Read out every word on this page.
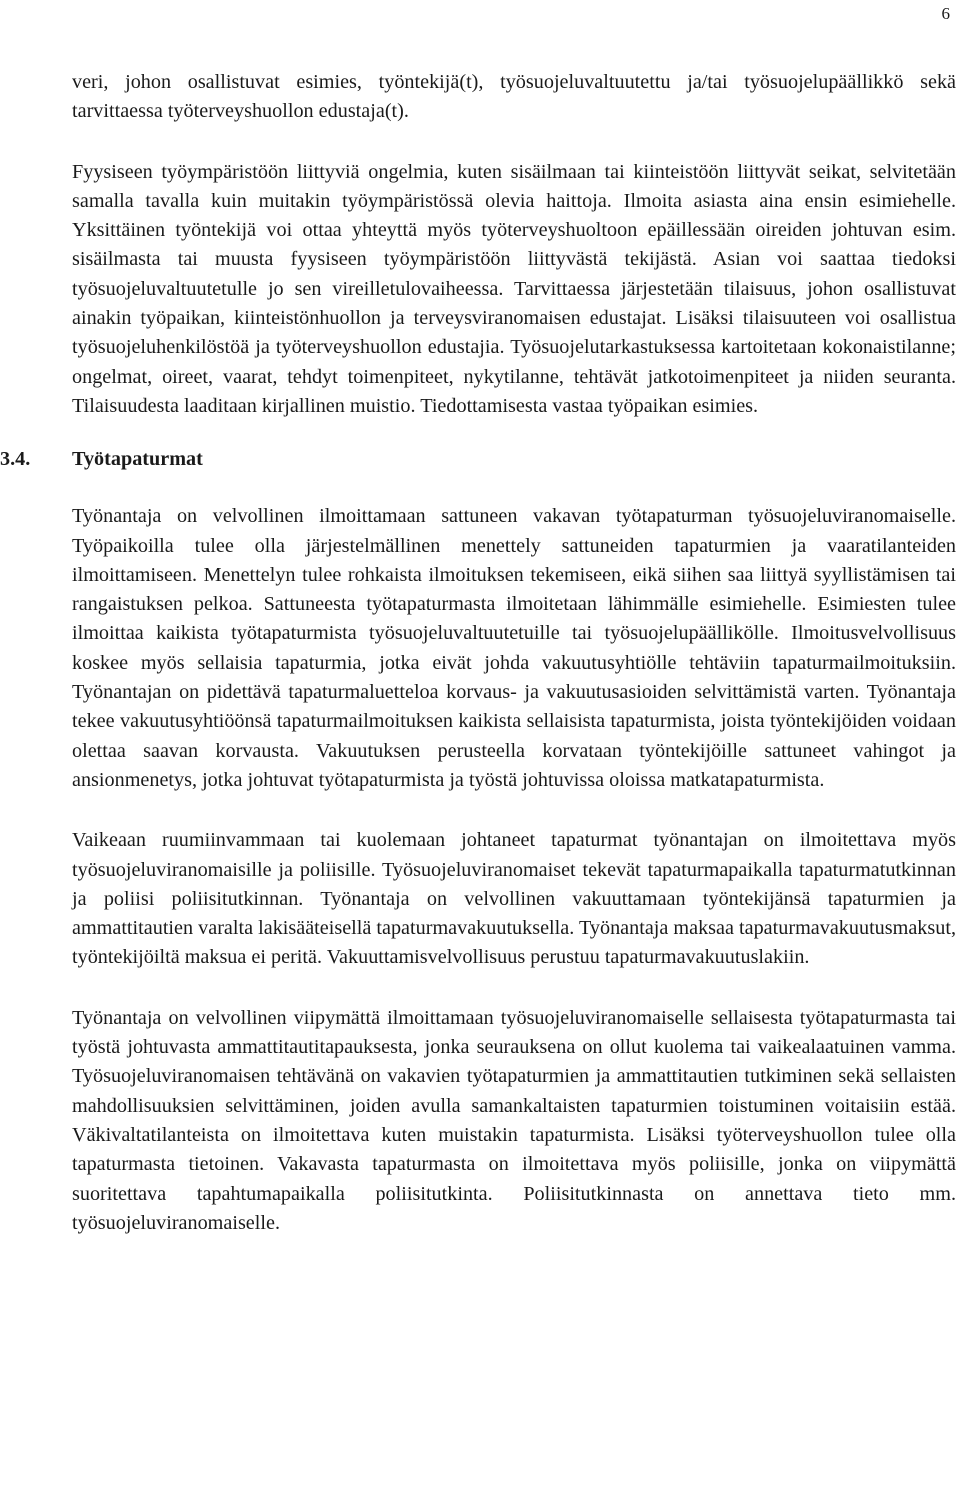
6

veri, johon osallistuvat esimies, työntekijä(t), työsuojeluvaltuutettu ja/tai työsuojelupäällikkö sekä tarvittaessa työterveyshuollon edustaja(t).

Fyysiseen työympäristöön liittyviä ongelmia, kuten sisäilmaan tai kiinteistöön liittyvät seikat, selvitetään samalla tavalla kuin muitakin työympäristössä olevia haittoja. Ilmoita asiasta aina ensin esimiehelle. Yksittäinen työntekijä voi ottaa yhteyttä myös työterveyshuoltoon epäillessään oireiden johtuvan esim. sisäilmasta tai muusta fyysiseen työympäristöön liittyvästä tekijästä. Asian voi saattaa tiedoksi työsuojeluvaltuutetulle jo sen vireilletulovaiheessa. Tarvittaessa järjestetään tilaisuus, johon osallistuvat ainakin työpaikan, kiinteistönhuollon ja terveysviranomaisen edustajat. Lisäksi tilaisuuteen voi osallistua työsuojeluhenkilöstöä ja työterveyshuollon edustajia. Työsuojelutarkastuksessa kartoitetaan kokonaistilanne; ongelmat, oireet, vaarat, tehdyt toimenpiteet, nykytilanne, tehtävät jatkotoimenpiteet ja niiden seuranta. Tilaisuudesta laaditaan kirjallinen muistio. Tiedottamisesta vastaa työpaikan esimies.

3.4.	Työtapaturmat

Työnantaja on velvollinen ilmoittamaan sattuneen vakavan työtapaturman työsuojeluviranomaiselle. Työpaikoilla tulee olla järjestelmällinen menettely sattuneiden tapaturmien ja vaaratilanteiden ilmoittamiseen. Menettelyn tulee rohkaista ilmoituksen tekemiseen, eikä siihen saa liittyä syyllistämisen tai rangaistuksen pelkoa. Sattuneesta työtapaturmasta ilmoitetaan lähimmälle esimiehelle. Esimiesten tulee ilmoittaa kaikista työtapaturmista työsuojeluvaltuutetuille tai työsuojelupäällikölle. Ilmoitusvelvollisuus koskee myös sellaisia tapaturmia, jotka eivät johda vakuutusyhtiölle tehtäviin tapaturmailmoituksiin. Työnantajan on pidettävä tapaturmaluetteloa korvaus- ja vakuutusasioiden selvittämistä varten. Työnantaja tekee vakuutusyhtiöönsä tapaturmailmoituksen kaikista sellaisista tapaturmista, joista työntekijöiden voidaan olettaa saavan korvausta. Vakuutuksen perusteella korvataan työntekijöille sattuneet vahingot ja ansionmenetys, jotka johtuvat työtapaturmista ja työstä johtuvissa oloissa matkatapaturmista.

Vaikeaan ruumiinvammaan tai kuolemaan johtaneet tapaturmat työnantajan on ilmoitettava myös työsuojeluviranomaisille ja poliisille. Työsuojeluviranomaiset tekevät tapaturmapaikalla tapaturmatutkinnan ja poliisi poliisitutkinnan. Työnantaja on velvollinen vakuuttamaan työntekijänsä tapaturmien ja ammattitautien varalta lakisääteisellä tapaturmavakuutuksella. Työnantaja maksaa tapaturmavakuutusmaksut, työntekijöiltä maksua ei peritä. Vakuuttamisvelvollisuus perustuu tapaturmavakuutuslakiin.

Työnantaja on velvollinen viipymättä ilmoittamaan työsuojeluviranomaiselle sellaisesta työtapaturmasta tai työstä johtuvasta ammattitautitapauksesta, jonka seurauksena on ollut kuolema tai vaikealaatuinen vamma. Työsuojeluviranomaisen tehtävänä on vakavien työtapaturmien ja ammattitautien tutkiminen sekä sellaisten mahdollisuuksien selvittäminen, joiden avulla samankaltaisten tapaturmien toistuminen voitaisiin estää. Väkivaltatilanteista on ilmoitettava kuten muistakin tapaturmista. Lisäksi työterveyshuollon tulee olla tapaturmasta tietoinen. Vakavasta tapaturmasta on ilmoitettava myös poliisille, jonka on viipymättä suoritettava tapahtumapaikalla poliisitutkinta. Poliisitutkinnasta on annettava tieto mm. työsuojeluviranomaiselle.
